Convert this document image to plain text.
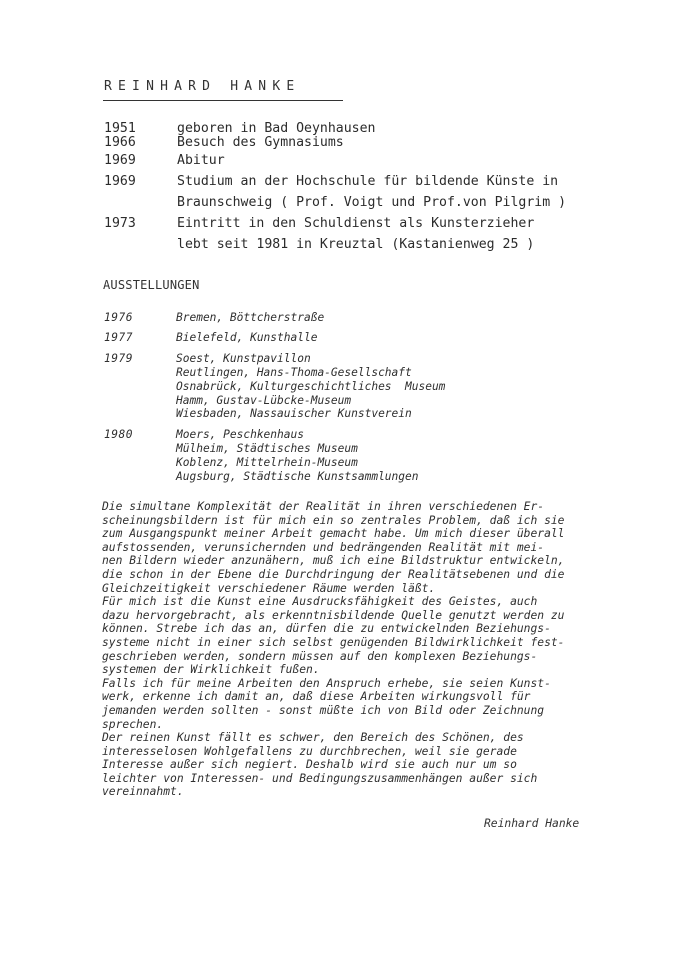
REINHARD HANKE
1951	geboren in Bad Oeynhausen
1966	Besuch des Gymnasiums
1969	Abitur
1969	Studium an der Hochschule für bildende Künste in
Braunschweig ( Prof. Voigt und Prof.von Pilgrim )
1973	Eintritt in den Schuldienst als Kunsterzieher
lebt seit 1981 in Kreuztal (Kastanienweg 25 )
AUSSTELLUNGEN
1976	Bremen, Böttcherstraße
1977	Bielefeld, Kunsthalle
1979	Soest, Kunstpavillon
Reutlingen, Hans-Thoma-Gesellschaft
Osnabrück, Kulturgeschichtliches  Museum
Hamm, Gustav-Lübcke-Museum
Wiesbaden, Nassauischer Kunstverein
1980	Moers, Peschkenhaus
Mülheim, Städtisches Museum
Koblenz, Mittelrhein-Museum
Augsburg, Städtische Kunstsammlungen
Die simultane Komplexität der Realität in ihren verschiedenen Er-
scheinungsbildern ist für mich ein so zentrales Problem, daß ich sie
zum Ausgangspunkt meiner Arbeit gemacht habe. Um mich dieser überall
aufstossenden, verunsichernden und bedrängenden Realität mit mei-
nen Bildern wieder anzunähern, muß ich eine Bildstruktur entwickeln,
die schon in der Ebene die Durchdringung der Realitätsebenen und die
Gleichzeitigkeit verschiedener Räume werden läßt.
Für mich ist die Kunst eine Ausdrucksfähigkeit des Geistes, auch
dazu hervorgebracht, als erkenntnisbildende Quelle genutzt werden zu
können. Strebe ich das an, dürfen die zu entwickelnden Beziehungs-
systeme nicht in einer sich selbst genügenden Bildwirklichkeit fest-
geschrieben werden, sondern müssen auf den komplexen Beziehungs-
systemen der Wirklichkeit fußen.
Falls ich für meine Arbeiten den Anspruch erhebe, sie seien Kunst-
werk, erkenne ich damit an, daß diese Arbeiten wirkungsvoll für
jemanden werden sollten - sonst müßte ich von Bild oder Zeichnung
sprechen.
Der reinen Kunst fällt es schwer, den Bereich des Schönen, des
interesselosen Wohlgefallens zu durchbrechen, weil sie gerade
Interesse außer sich negiert. Deshalb wird sie auch nur um so
leichter von Interessen- und Bedingungszusammenhängen außer sich
vereinnahmt.
Reinhard Hanke
